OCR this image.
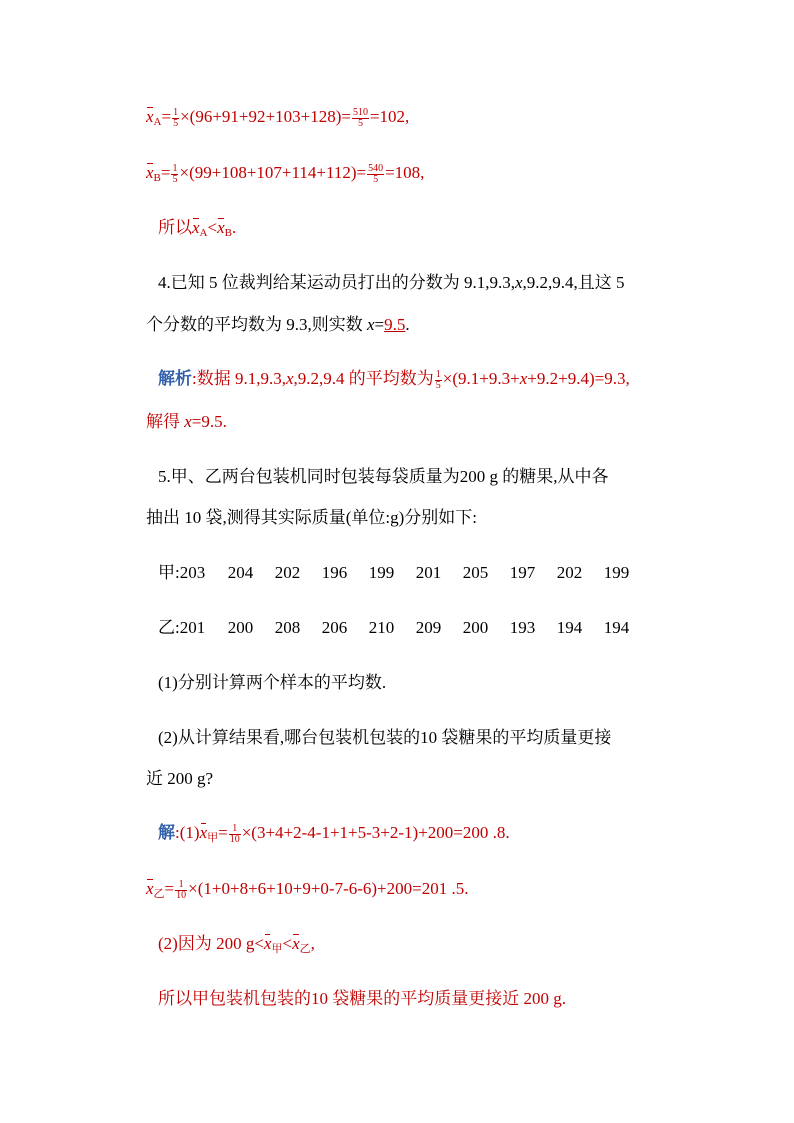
$x_A= \frac{1}{5} \times(96+91+92+103+128)= \frac{510}{5} =102$,
$x_B= \frac{1}{5} \times(99+108+107+114+112)= \frac{540}{5} =108$,
所以$x_A<x_B$.
4.已知 5 位裁判给某运动员打出的分数为 9.1,9.3,x,9.2,9.4,且这 5
个分数的平均数为 9.3,则实数 x=9.5.
解析:数据 9.1,9.3,x,9.2,9.4 的平均数为 $\frac{1}{5} \times(9.1+9.3+x+9.2+9.4)=9.3$,
解得 x=9.5.
5.甲、乙两台包装机同时包装每袋质量为200 g 的糖果,从中各
抽出 10 袋,测得其实际质量(单位:g)分别如下:
甲:203 204 202 196 199 201 205 197 202 199
乙:201 200 208 206 210 209 200 193 194 194
(1)分别计算两个样本的平均数.
(2)从计算结果看,哪台包装机包装的10 袋糖果的平均质量更接
近 200 g?
解$:(1)x_甲= \frac{1}{10} \times(3+4+2-4-1+1+5-3+2-1)+200=200$ .8.
$x_乙= \frac{1}{10} \times(1+0+8+6+10+9+0-7-6-6)+200=201$ .5.
(2)因为 200 $g<x_甲<x_乙$,
所以甲包装机包装的10 袋糖果的平均质量更接近 200 g.
